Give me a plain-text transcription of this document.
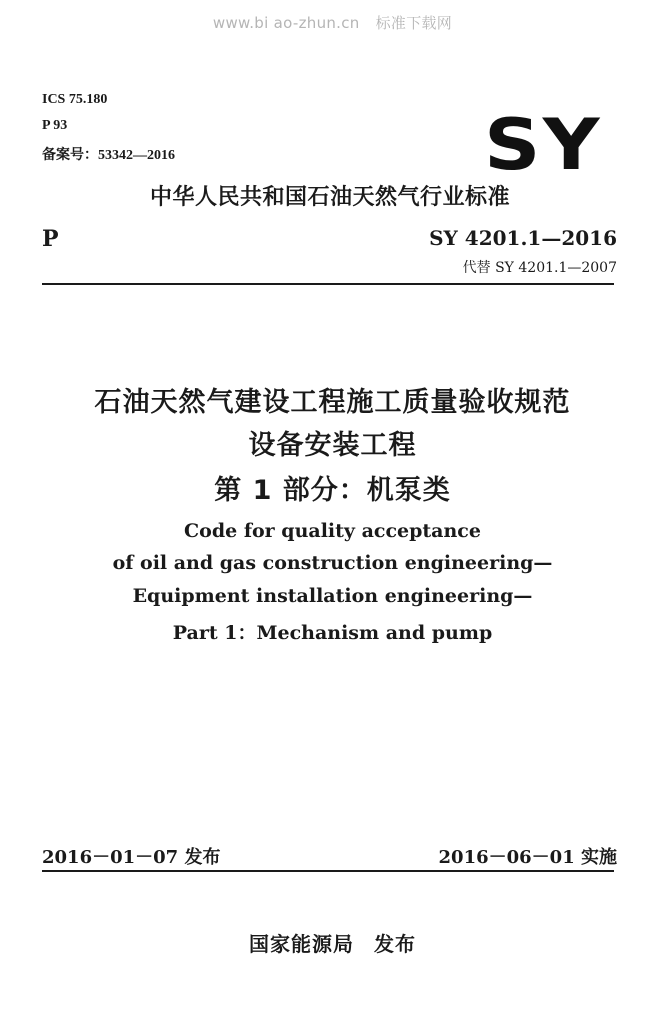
www.bi ao-zhun.cn 标准下载网
ICS 75.180
P 93
备案号：53342—2016	SY
中华人民共和国石油天然气行业标准
P	SY 4201.1—2016
代替 SY 4201.1—2007
石油天然气建设工程施工质量验收规范
设备安装工程
第 1 部分：机泵类
Code for quality acceptance
of oil and gas construction engineering—
Equipment installation engineering—
Part 1：Mechanism and pump
2016－01－07 发布	2016－06－01 实施
国家能源局 发布
